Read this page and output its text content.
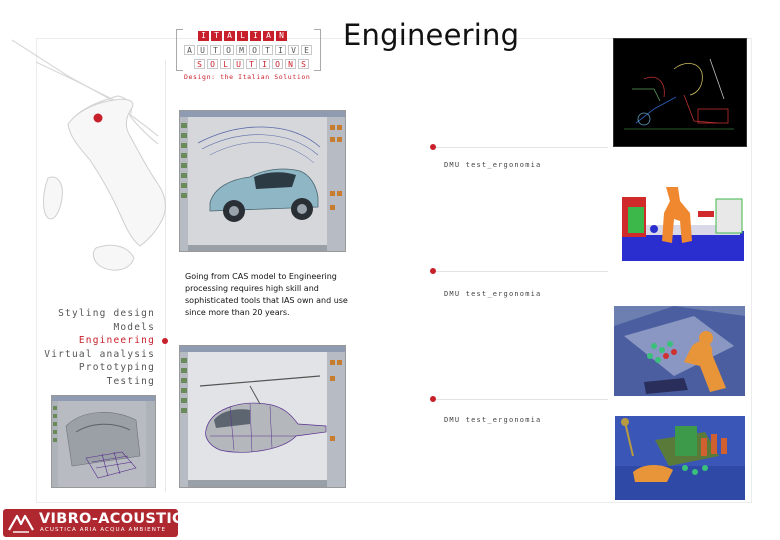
I	T	A	L	I	A	N
A	U	T	O	M	O	T	I	V	E
S	O	L	U	T	I	O	N	S
Design: the Italian Solution
Engineering
Going from CAS model to Engineering processing requires high skill and sophisticated tools that IAS own and use since more than 20 years.
Styling design
Models
Engineering
Virtual analysis
Prototyping
Testing
DMU test_ergonomia
DMU test_ergonomia
DMU test_ergonomia
VIBRO-ACOUSTIC
ACUSTICA ARIA ACQUA AMBIENTE
